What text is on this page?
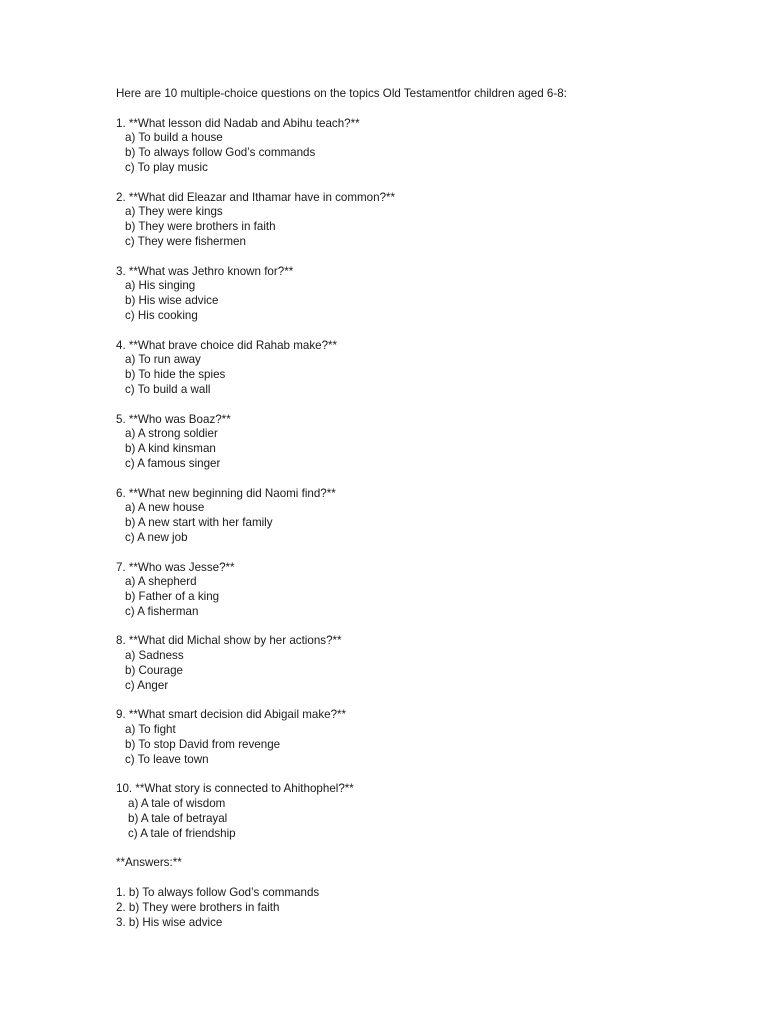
Here are 10 multiple-choice questions on the topics Old Testamentfor children aged 6-8:
1. **What lesson did Nadab and Abihu teach?**
a) To build a house
b) To always follow God’s commands
c) To play music
2. **What did Eleazar and Ithamar have in common?**
a) They were kings
b) They were brothers in faith
c) They were fishermen
3. **What was Jethro known for?**
a) His singing
b) His wise advice
c) His cooking
4. **What brave choice did Rahab make?**
a) To run away
b) To hide the spies
c) To build a wall
5. **Who was Boaz?**
a) A strong soldier
b) A kind kinsman
c) A famous singer
6. **What new beginning did Naomi find?**
a) A new house
b) A new start with her family
c) A new job
7. **Who was Jesse?**
a) A shepherd
b) Father of a king
c) A fisherman
8. **What did Michal show by her actions?**
a) Sadness
b) Courage
c) Anger
9. **What smart decision did Abigail make?**
a) To fight
b) To stop David from revenge
c) To leave town
10. **What story is connected to Ahithophel?**
a) A tale of wisdom
b) A tale of betrayal
c) A tale of friendship
**Answers:**
1. b) To always follow God’s commands
2. b) They were brothers in faith
3. b) His wise advice
